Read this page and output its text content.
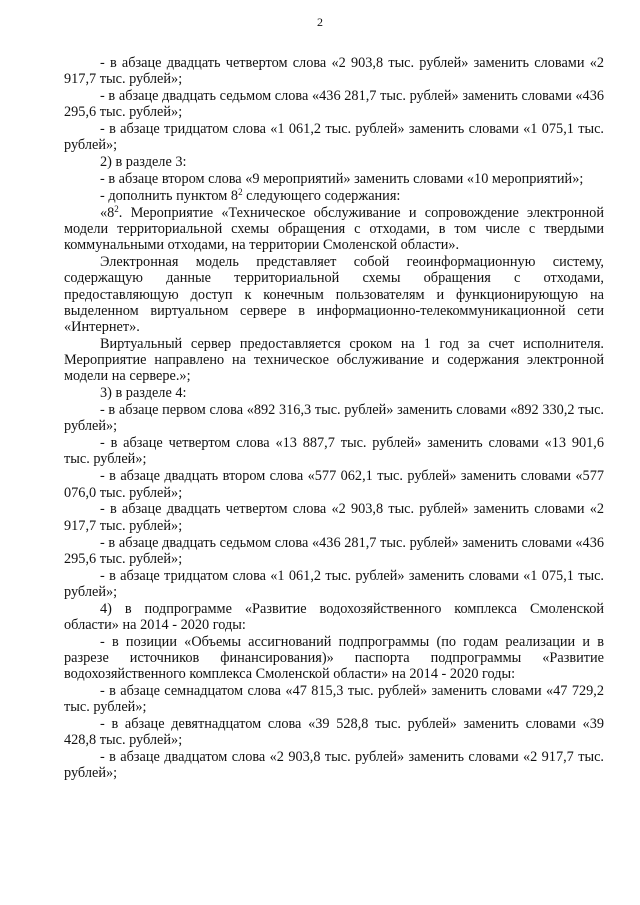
2

- в абзаце двадцать четвертом слова «2 903,8 тыс. рублей» заменить словами «2 917,7 тыс. рублей»;

- в абзаце двадцать седьмом слова «436 281,7 тыс. рублей» заменить словами «436 295,6 тыс. рублей»;

- в абзаце тридцатом слова «1 061,2 тыс. рублей» заменить словами «1 075,1 тыс. рублей»;

2) в разделе 3:

- в абзаце втором слова «9 мероприятий» заменить словами «10 мероприятий»;

- дополнить пунктом $8^2$ следующего содержания:

«$8^2$. Мероприятие «Техническое обслуживание и сопровождение электронной модели территориальной схемы обращения с отходами, в том числе с твердыми коммунальными отходами, на территории Смоленской области».

Электронная модель представляет собой геоинформационную систему, содержащую данные территориальной схемы обращения с отходами, предоставляющую доступ к конечным пользователям и функционирующую на выделенном виртуальном сервере в информационно-телекоммуникационной сети «Интернет».

Виртуальный сервер предоставляется сроком на 1 год за счет исполнителя. Мероприятие направлено на техническое обслуживание и содержания электронной модели на сервере.»;

3) в разделе 4:

- в абзаце первом слова «892 316,3 тыс. рублей» заменить словами «892 330,2 тыс. рублей»;

- в абзаце четвертом слова «13 887,7 тыс. рублей» заменить словами «13 901,6 тыс. рублей»;

- в абзаце двадцать втором слова «577 062,1 тыс. рублей» заменить словами «577 076,0 тыс. рублей»;

- в абзаце двадцать четвертом слова «2 903,8 тыс. рублей» заменить словами «2 917,7 тыс. рублей»;

- в абзаце двадцать седьмом слова «436 281,7 тыс. рублей» заменить словами «436 295,6 тыс. рублей»;

- в абзаце тридцатом слова «1 061,2 тыс. рублей» заменить словами «1 075,1 тыс. рублей»;

4) в подпрограмме «Развитие водохозяйственного комплекса Смоленской области» на 2014 - 2020 годы:

- в позиции «Объемы ассигнований подпрограммы (по годам реализации и в разрезе источников финансирования)» паспорта подпрограммы «Развитие водохозяйственного комплекса Смоленской области» на 2014 - 2020 годы:

- в абзаце семнадцатом слова «47 815,3 тыс. рублей» заменить словами «47 729,2 тыс. рублей»;

- в абзаце девятнадцатом слова «39 528,8 тыс. рублей» заменить словами «39 428,8 тыс. рублей»;

- в абзаце двадцатом слова «2 903,8 тыс. рублей» заменить словами «2 917,7 тыс. рублей»;
